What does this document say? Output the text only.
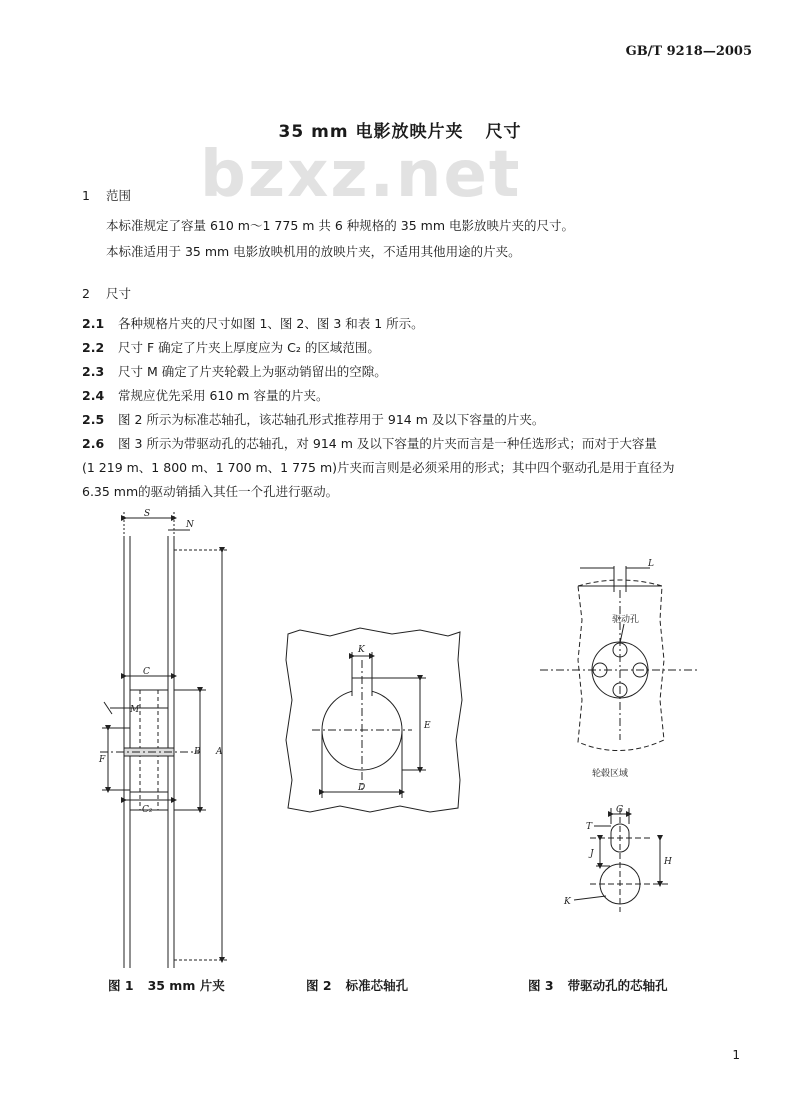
GB/T 9218—2005
35 mm 电影放映片夹 尺寸
bzxz.net
1 范围
本标准规定了容量 610 m～1 775 m 共 6 种规格的 35 mm 电影放映片夹的尺寸。
本标准适用于 35 mm 电影放映机用的放映片夹，不适用其他用途的片夹。
2 尺寸
2.1 各种规格片夹的尺寸如图 1、图 2、图 3 和表 1 所示。
2.2 尺寸 F 确定了片夹上厚度应为 C₂ 的区域范围。
2.3 尺寸 M 确定了片夹轮毂上为驱动销留出的空隙。
2.4 常规应优先采用 610 m 容量的片夹。
2.5 图 2 所示为标准芯轴孔，该芯轴孔形式推荐用于 914 m 及以下容量的片夹。
2.6 图 3 所示为带驱动孔的芯轴孔，对 914 m 及以下容量的片夹而言是一种任选形式；而对于大容量
(1 219 m、1 800 m、1 700 m、1 775 m)片夹而言则是必须采用的形式；其中四个驱动孔是用于直径为
6.35 mm的驱动销插入其任一个孔进行驱动。
S
N
C
M
F
B A
C₂
K
E
D
L
驱动孔
轮毂区域
G
T
J
H
K
图 1 35 mm 片夹	图 2 标准芯轴孔	图 3 带驱动孔的芯轴孔
1
